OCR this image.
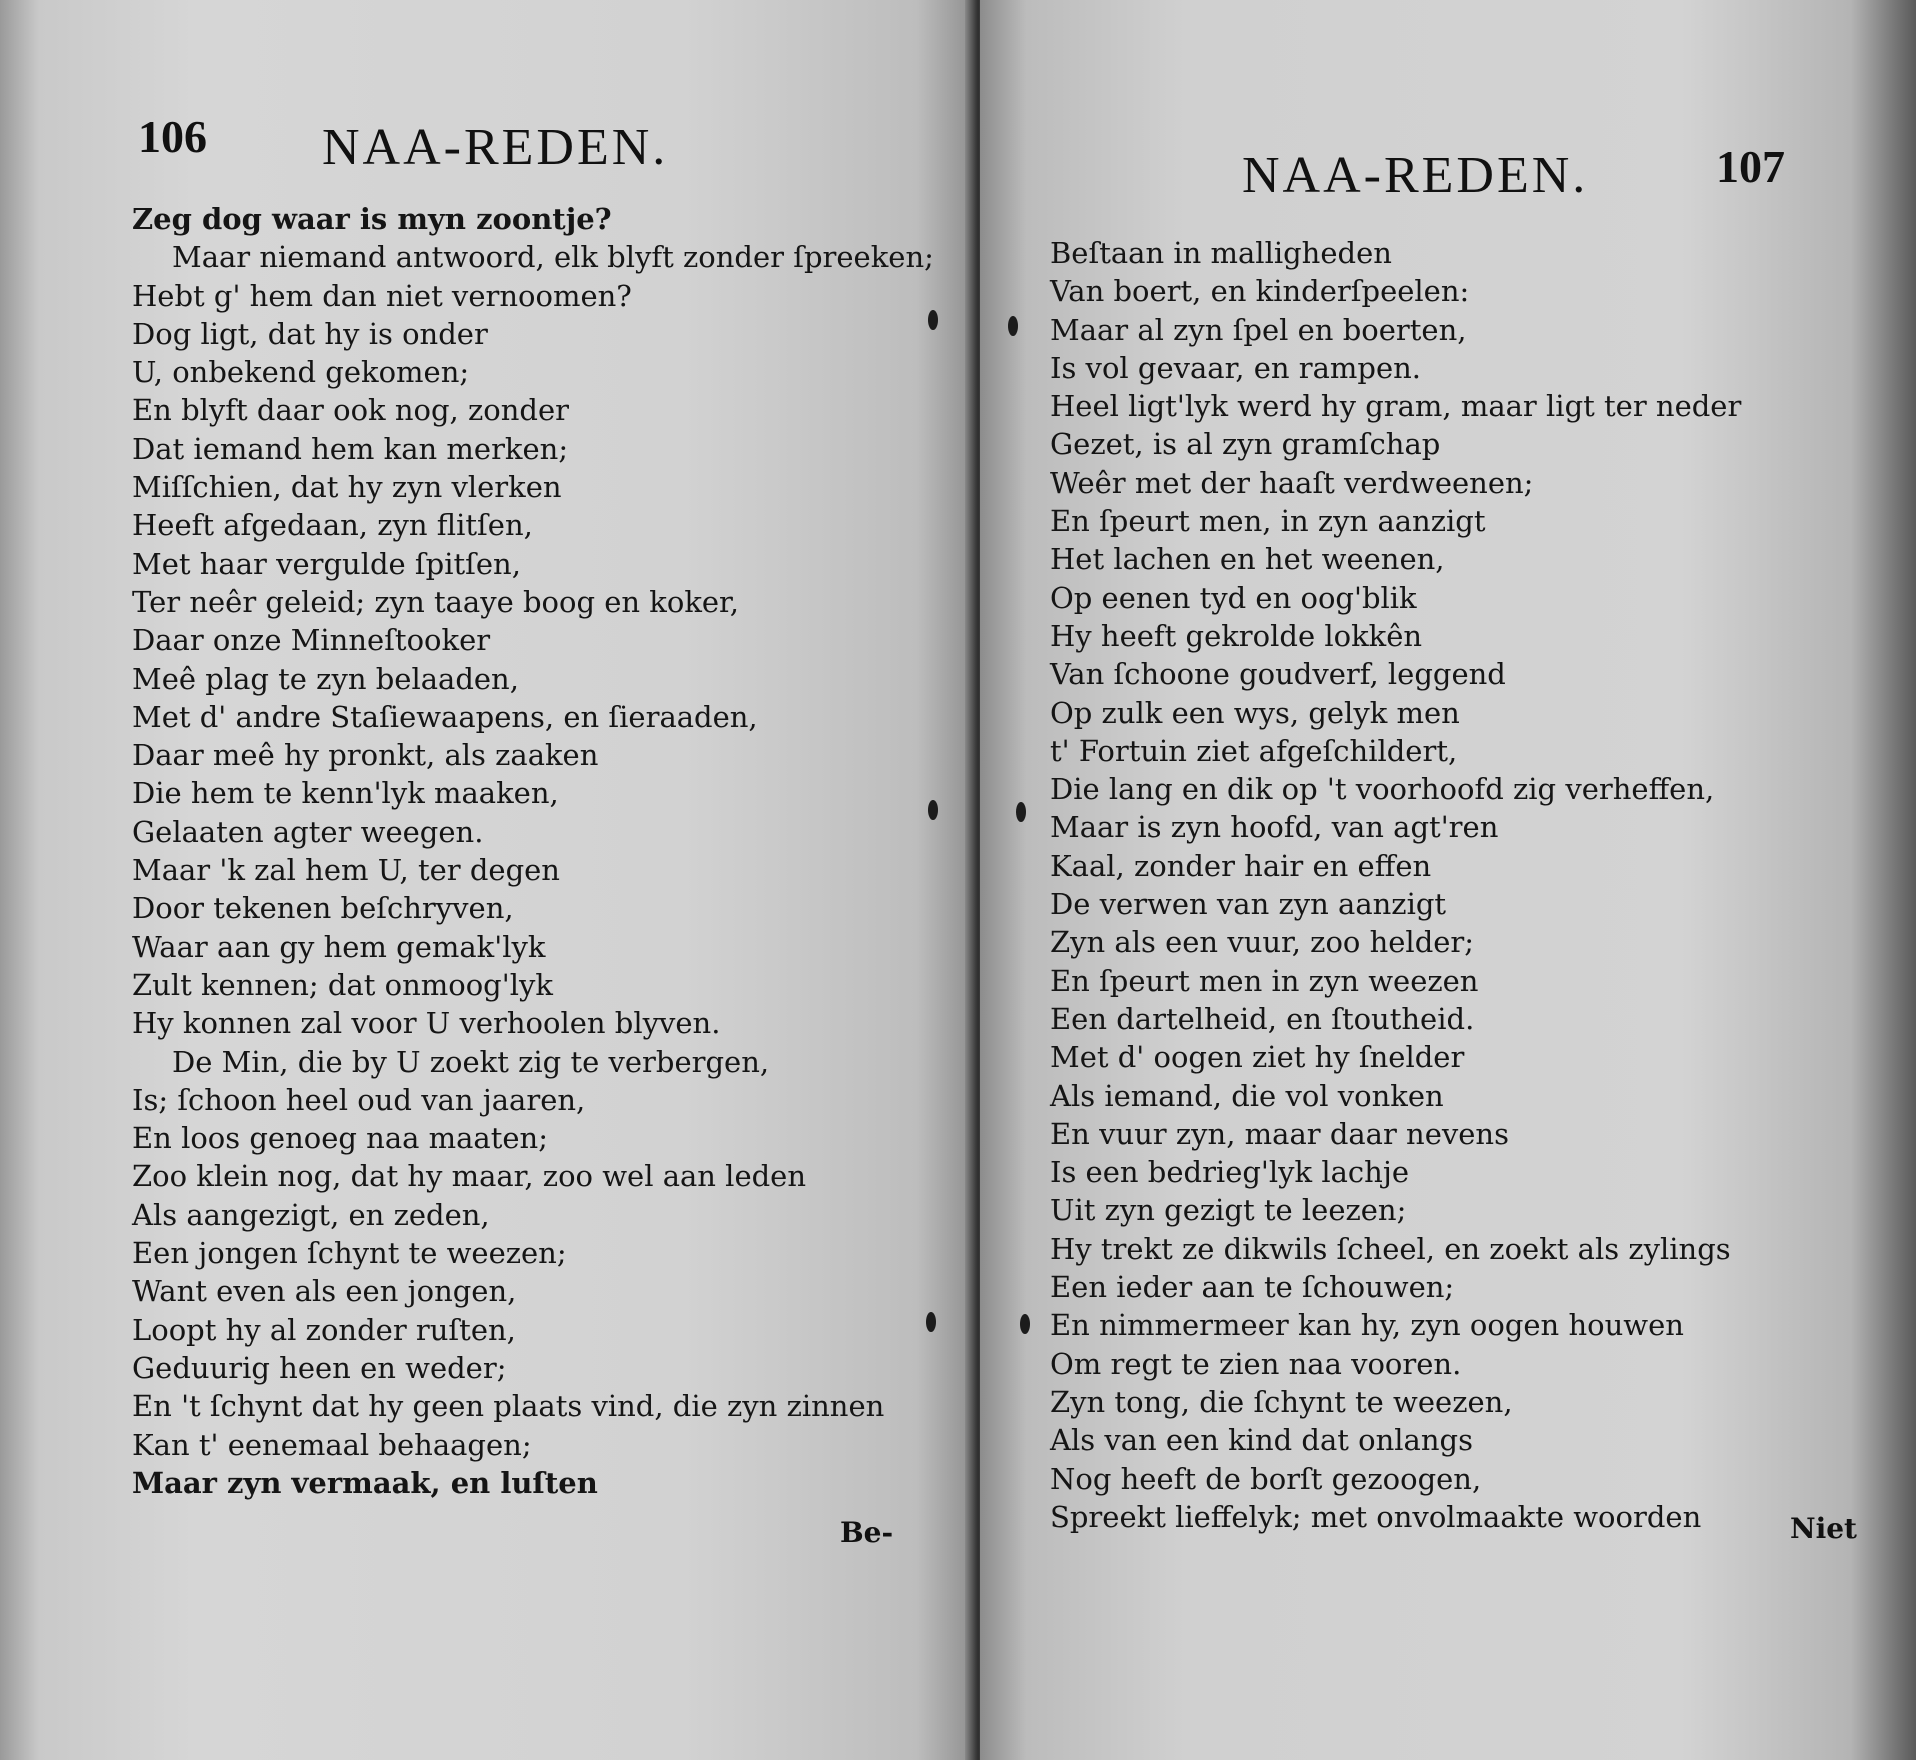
106 NAA-REDEN.
Zeg dog waar is myn zoontje?
Maar niemand antwoord, elk blyft zonder ſpreeken;
Hebt g' hem dan niet vernoomen?
Dog ligt, dat hy is onder
U, onbekend gekomen;
En blyft daar ook nog, zonder
Dat iemand hem kan merken;
Miſſchien, dat hy zyn vlerken
Heeft afgedaan, zyn flitſen,
Met haar vergulde ſpitſen,
Ter neêr geleid; zyn taaye boog en koker,
Daar onze Minneſtooker
Meê plag te zyn belaaden,
Met d' andre Staſiewaapens, en ſieraaden,
Daar meê hy pronkt, als zaaken
Die hem te kenn'lyk maaken,
Gelaaten agter weegen.
Maar 'k zal hem U, ter degen
Door tekenen beſchryven,
Waar aan gy hem gemak'lyk
Zult kennen; dat onmoog'lyk
Hy konnen zal voor U verhoolen blyven.
De Min, die by U zoekt zig te verbergen,
Is; ſchoon heel oud van jaaren,
En loos genoeg naa maaten;
Zoo klein nog, dat hy maar, zoo wel aan leden
Als aangezigt, en zeden,
Een jongen ſchynt te weezen;
Want even als een jongen,
Loopt hy al zonder ruſten,
Geduurig heen en weder;
En 't ſchynt dat hy geen plaats vind, die zyn zinnen
Kan t' eenemaal behaagen;
Maar zyn vermaak, en luſten
Be-
NAA-REDEN.	107
Beſtaan in malligheden
Van boert, en kinderſpeelen:
Maar al zyn ſpel en boerten,
Is vol gevaar, en rampen.
Heel ligt'lyk werd hy gram, maar ligt ter neder
Gezet, is al zyn gramſchap
Weêr met der haaſt verdweenen;
En ſpeurt men, in zyn aanzigt
Het lachen en het weenen,
Op eenen tyd en oog'blik
Hy heeft gekrolde lokkên
Van ſchoone goudverf, leggend
Op zulk een wys, gelyk men
t' Fortuin ziet afgeſchildert,
Die lang en dik op 't voorhoofd zig verheffen,
Maar is zyn hoofd, van agt'ren
Kaal, zonder hair en effen
De verwen van zyn aanzigt
Zyn als een vuur, zoo helder;
En ſpeurt men in zyn weezen
Een dartelheid, en ſtoutheid.
Met d' oogen ziet hy ſnelder
Als iemand, die vol vonken
En vuur zyn, maar daar nevens
Is een bedrieg'lyk lachje
Uit zyn gezigt te leezen;
Hy trekt ze dikwils ſcheel, en zoekt als zylings
Een ieder aan te ſchouwen;
En nimmermeer kan hy, zyn oogen houwen
Om regt te zien naa vooren.
Zyn tong, die ſchynt te weezen,
Als van een kind dat onlangs
Nog heeft de borſt gezoogen,
Spreekt lieffelyk; met onvolmaakte woorden	Niet
